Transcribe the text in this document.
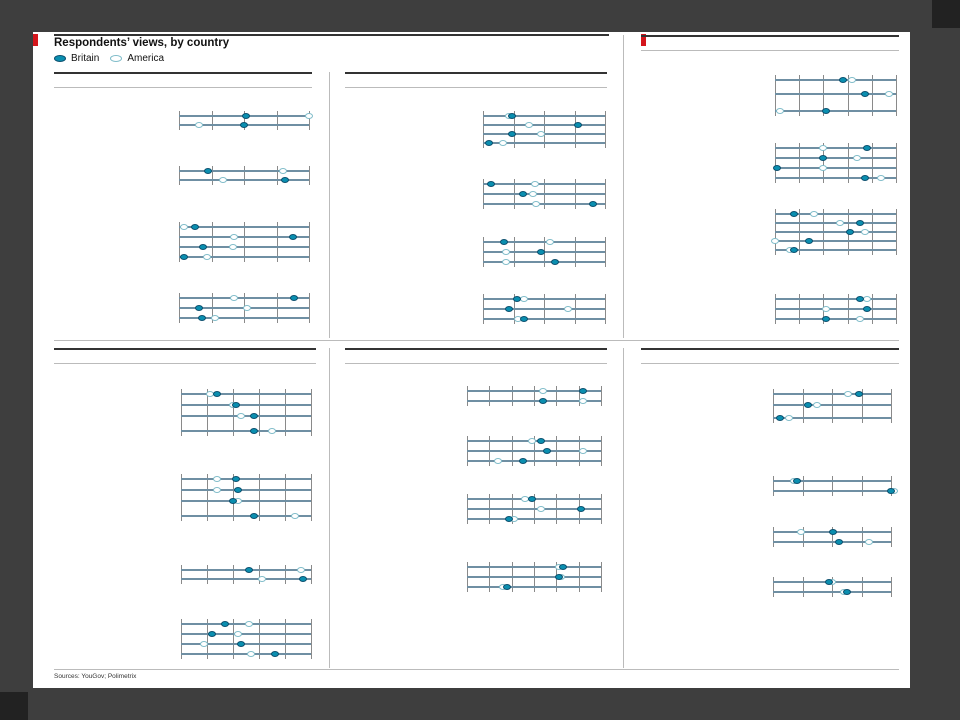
Respondents’ views, by country
Britain	America
Sources: YouGov; Polimetrix
